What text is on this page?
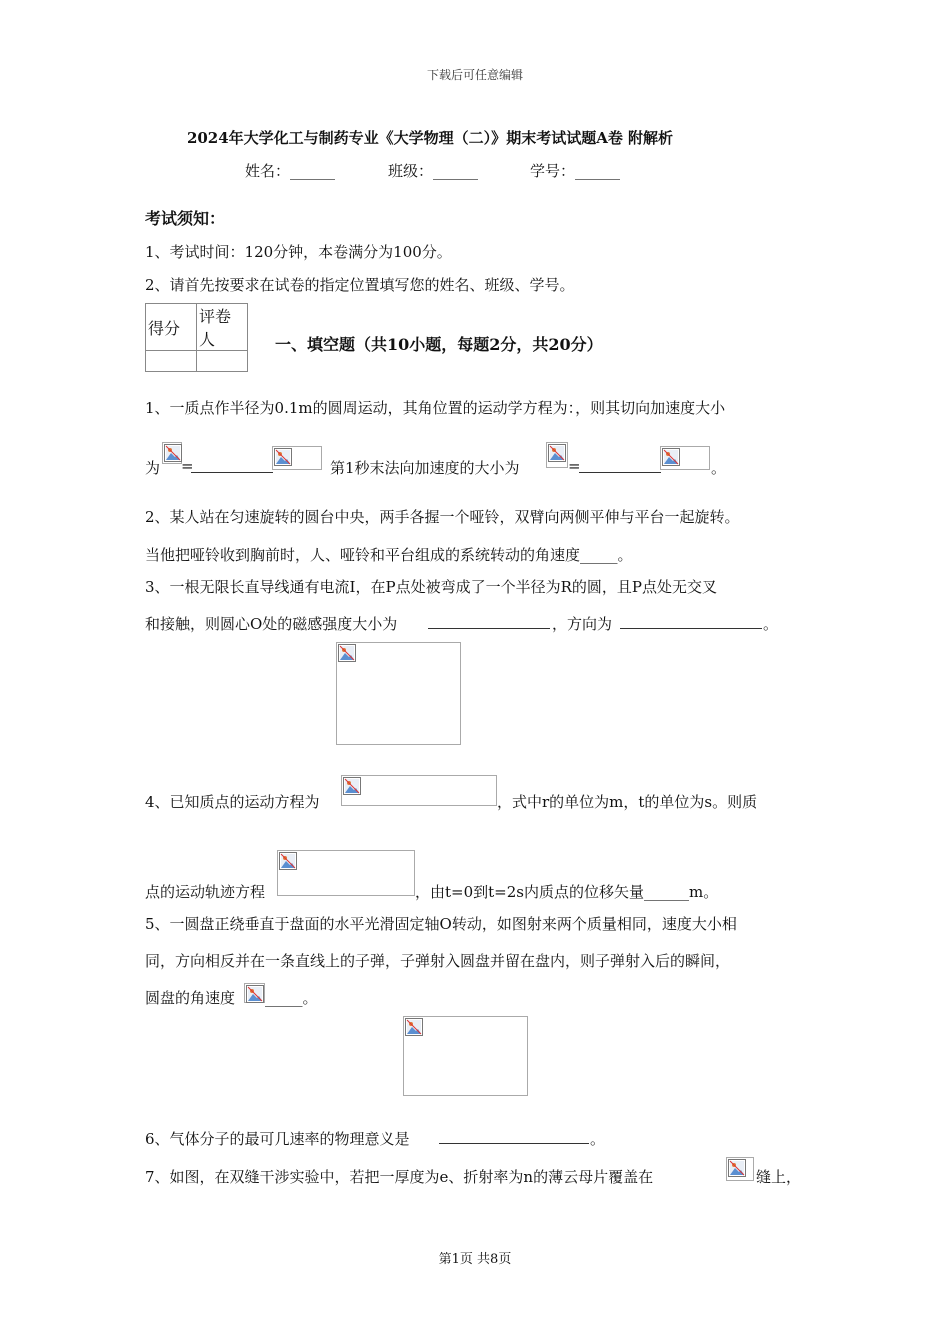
下载后可任意编辑
2024年大学化工与制药专业《大学物理（二）》期末考试试题A卷 附解析
姓名：______	班级：______	学号：______
考试须知：
1、考试时间：120分钟，本卷满分为100分。
2、请首先按要求在试卷的指定位置填写您的姓名、班级、学号。
得分	评卷人
		一、填空题（共10小题，每题2分，共20分）
1、一质点作半径为0.1m的圆周运动，其角位置的运动学方程为：，则其切向加速度大小
为 =	第1秒末法向加速度的大小为	=	。
2、某人站在匀速旋转的圆台中央，两手各握一个哑铃，双臂向两侧平伸与平台一起旋转。
当他把哑铃收到胸前时，人、哑铃和平台组成的系统转动的角速度_____。
3、一根无限长直导线通有电流I，在P点处被弯成了一个半径为R的圆，且P点处无交叉
和接触，则圆心O处的磁感强度大小为	，方向为	。
4、已知质点的运动方程为	，式中r的单位为m，t的单位为s。则质
点的运动轨迹方程	，由t=0到t=2s内质点的位移矢量______m。
5、一圆盘正绕垂直于盘面的水平光滑固定轴O转动，如图射来两个质量相同，速度大小相
同，方向相反并在一条直线上的子弹，子弹射入圆盘并留在盘内，则子弹射入后的瞬间，
圆盘的角速度 _____。
6、气体分子的最可几速率的物理意义是	。
7、如图，在双缝干涉实验中，若把一厚度为e、折射率为n的薄云母片覆盖在	缝上，
第1页 共8页
